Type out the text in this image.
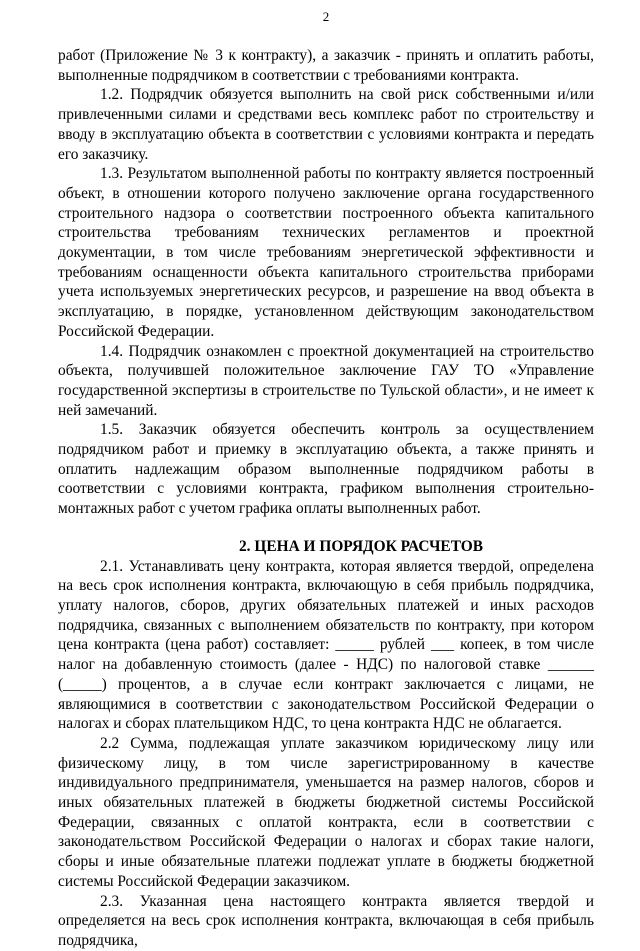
2

работ (Приложение № 3 к контракту), а заказчик - принять и оплатить работы, выполненные подрядчиком в соответствии с требованиями контракта.

1.2. Подрядчик обязуется выполнить на свой риск собственными и/или привлеченными силами и средствами весь комплекс работ по строительству и вводу в эксплуатацию объекта в соответствии с условиями контракта и передать его заказчику.

1.3. Результатом выполненной работы по контракту является построенный объект, в отношении которого получено заключение органа государственного строительного надзора о соответствии построенного объекта капитального строительства требованиям технических регламентов и проектной документации, в том числе требованиям энергетической эффективности и требованиям оснащенности объекта капитального строительства приборами учета используемых энергетических ресурсов, и разрешение на ввод объекта в эксплуатацию, в порядке, установленном действующим законодательством Российской Федерации.

1.4. Подрядчик ознакомлен с проектной документацией на строительство объекта, получившей положительное заключение ГАУ ТО «Управление государственной экспертизы в строительстве по Тульской области», и не имеет к ней замечаний.

1.5. Заказчик обязуется обеспечить контроль за осуществлением подрядчиком работ и приемку в эксплуатацию объекта, а также принять и оплатить надлежащим образом выполненные подрядчиком работы в соответствии с условиями контракта, графиком выполнения строительно-монтажных работ с учетом графика оплаты выполненных работ.

2. ЦЕНА И ПОРЯДОК РАСЧЕТОВ

2.1. Устанавливать цену контракта, которая является твердой, определена на весь срок исполнения контракта, включающую в себя прибыль подрядчика, уплату налогов, сборов, других обязательных платежей и иных расходов подрядчика, связанных с выполнением обязательств по контракту, при котором цена контракта (цена работ) составляет: _____ рублей ___ копеек, в том числе налог на добавленную стоимость (далее - НДС) по налоговой ставке ______ (_____) процентов, а в случае если контракт заключается с лицами, не являющимися в соответствии с законодательством Российской Федерации о налогах и сборах плательщиком НДС, то цена контракта НДС не облагается.

2.2 Сумма, подлежащая уплате заказчиком юридическому лицу или физическому лицу, в том числе зарегистрированному в качестве индивидуального предпринимателя, уменьшается на размер налогов, сборов и иных обязательных платежей в бюджеты бюджетной системы Российской Федерации, связанных с оплатой контракта, если в соответствии с законодательством Российской Федерации о налогах и сборах такие налоги, сборы и иные обязательные платежи подлежат уплате в бюджеты бюджетной системы Российской Федерации заказчиком.

2.3. Указанная цена настоящего контракта является твердой и определяется на весь срок исполнения контракта, включающая в себя прибыль подрядчика,
